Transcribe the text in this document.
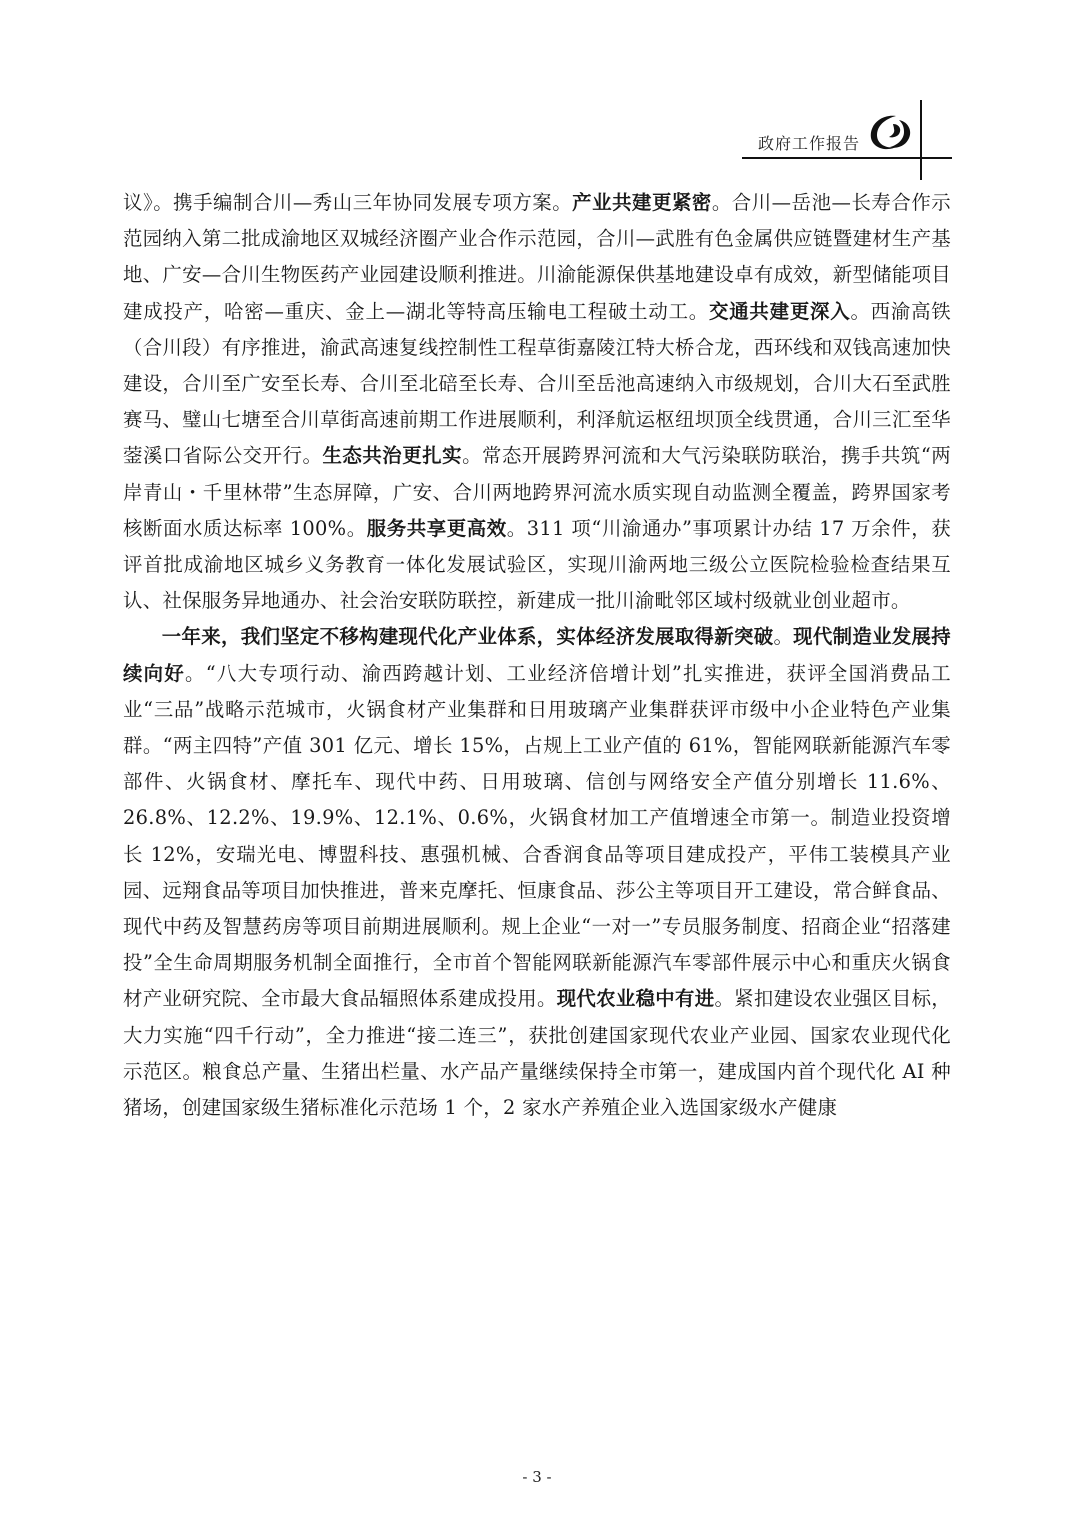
政府工作报告

议》。携手编制合川—秀山三年协同发展专项方案。产业共建更紧密。合川—岳池—长寿合作示范园纳入第二批成渝地区双城经济圈产业合作示范园，合川—武胜有色金属供应链暨建材生产基地、广安—合川生物医药产业园建设顺利推进。川渝能源保供基地建设卓有成效，新型储能项目建成投产，哈密—重庆、金上—湖北等特高压输电工程破土动工。交通共建更深入。西渝高铁（合川段）有序推进，渝武高速复线控制性工程草街嘉陵江特大桥合龙，西环线和双钱高速加快建设，合川至广安至长寿、合川至北碚至长寿、合川至岳池高速纳入市级规划，合川大石至武胜赛马、璧山七塘至合川草街高速前期工作进展顺利，利泽航运枢纽坝顶全线贯通，合川三汇至华蓥溪口省际公交开行。生态共治更扎实。常态开展跨界河流和大气污染联防联治，携手共筑“两岸青山・千里林带”生态屏障，广安、合川两地跨界河流水质实现自动监测全覆盖，跨界国家考核断面水质达标率 100%。服务共享更高效。311 项“川渝通办”事项累计办结 17 万余件，获评首批成渝地区城乡义务教育一体化发展试验区，实现川渝两地三级公立医院检验检查结果互认、社保服务异地通办、社会治安联防联控，新建成一批川渝毗邻区域村级就业创业超市。

一年来，我们坚定不移构建现代化产业体系，实体经济发展取得新突破。现代制造业发展持续向好。“八大专项行动、渝西跨越计划、工业经济倍增计划”扎实推进，获评全国消费品工业“三品”战略示范城市，火锅食材产业集群和日用玻璃产业集群获评市级中小企业特色产业集群。“两主四特”产值 301 亿元、增长 15%，占规上工业产值的 61%，智能网联新能源汽车零部件、火锅食材、摩托车、现代中药、日用玻璃、信创与网络安全产值分别增长 11.6%、26.8%、12.2%、19.9%、12.1%、0.6%，火锅食材加工产值增速全市第一。制造业投资增长 12%，安瑞光电、博盟科技、惠强机械、合香润食品等项目建成投产，平伟工装模具产业园、远翔食品等项目加快推进，普来克摩托、恒康食品、莎公主等项目开工建设，常合鲜食品、现代中药及智慧药房等项目前期进展顺利。规上企业“一对一”专员服务制度、招商企业“招落建投”全生命周期服务机制全面推行，全市首个智能网联新能源汽车零部件展示中心和重庆火锅食材产业研究院、全市最大食品辐照体系建成投用。现代农业稳中有进。紧扣建设农业强区目标，大力实施“四千行动”，全力推进“接二连三”，获批创建国家现代农业产业园、国家农业现代化示范区。粮食总产量、生猪出栏量、水产品产量继续保持全市第一，建成国内首个现代化 AI 种猪场，创建国家级生猪标准化示范场 1 个，2 家水产养殖企业入选国家级水产健康

- 3 -
